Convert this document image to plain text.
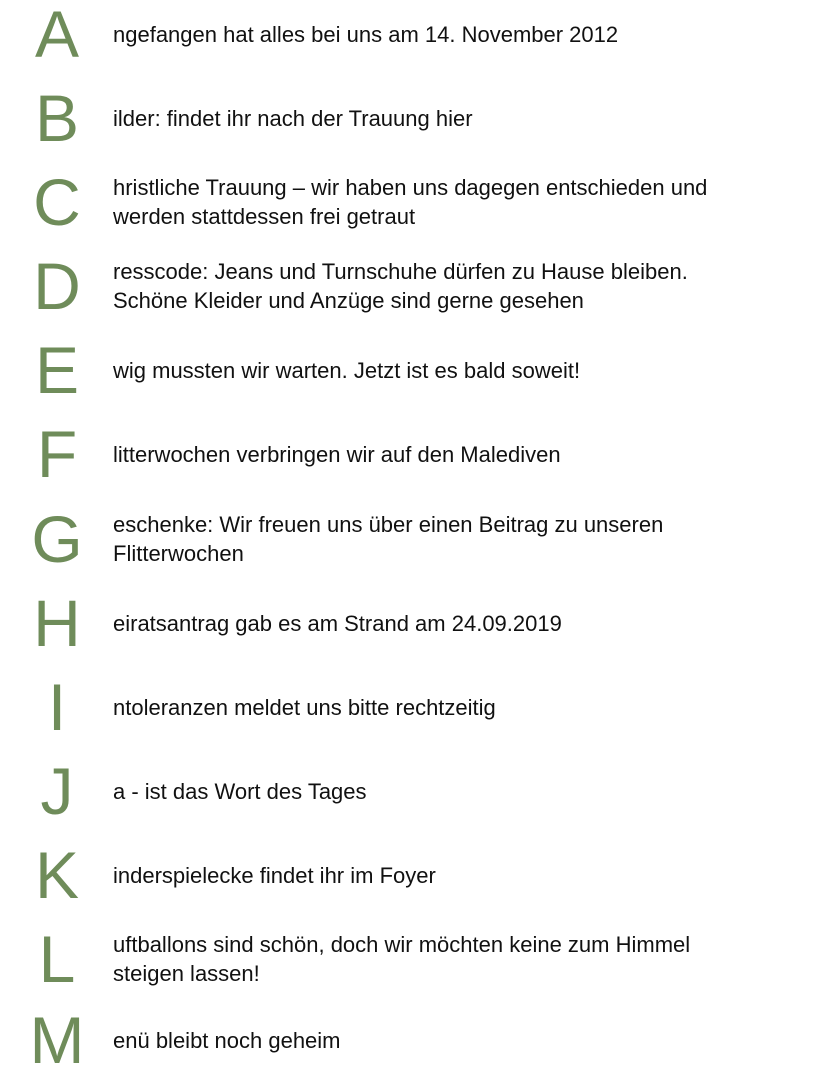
A	ngefangen hat alles bei uns am 14. November 2012
B	ilder: findet ihr nach der Trauung hier
C	hristliche Trauung – wir haben uns dagegen entschieden und
werden stattdessen frei getraut
D	resscode: Jeans und Turnschuhe dürfen zu Hause bleiben.
Schöne Kleider und Anzüge sind gerne gesehen
E	wig mussten wir warten. Jetzt ist es bald soweit!
F	litterwochen verbringen wir auf den Malediven
G	eschenke: Wir freuen uns über einen Beitrag zu unseren
Flitterwochen
H	eiratsantrag gab es am Strand am 24.09.2019
I	ntoleranzen meldet uns bitte rechtzeitig
J	a - ist das Wort des Tages
K	inderspielecke findet ihr im Foyer
L	uftballons sind schön, doch wir möchten keine zum Himmel
steigen lassen!
M	enü bleibt noch geheim
